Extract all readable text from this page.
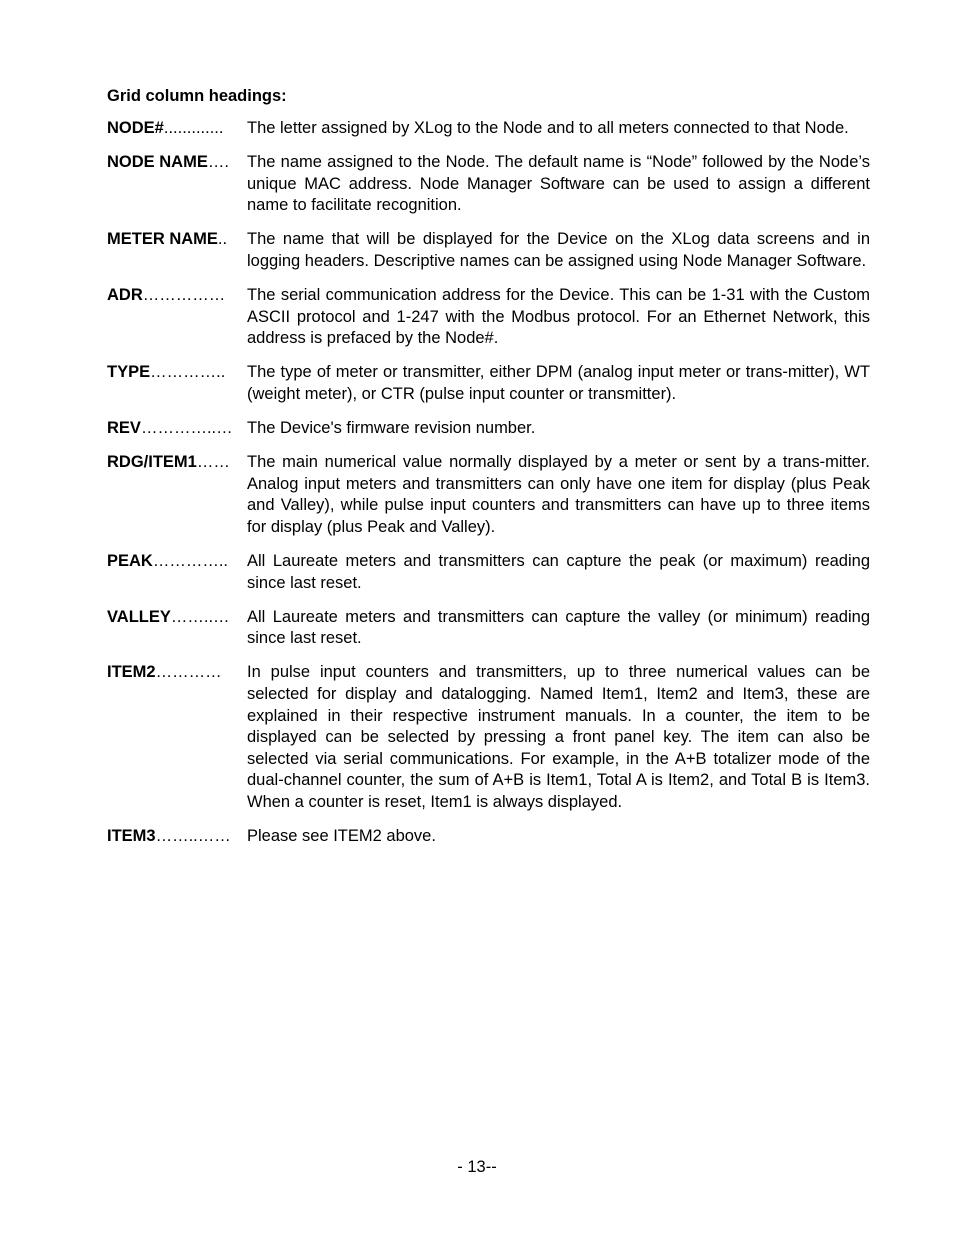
Grid column headings:
NODE#.............	The letter assigned by XLog to the Node and to all meters connected to that Node.
NODE NAME….	The name assigned to the Node. The default name is “Node” followed by the Node’s unique MAC address. Node Manager Software can be used to assign a different name to facilitate recognition.
METER NAME..	The name that will be displayed for the Device on the XLog data screens and in logging headers. Descriptive names can be assigned using Node Manager Software.
ADR……………	The serial communication address for the Device. This can be 1-31 with the Custom ASCII protocol and 1-247 with the Modbus protocol. For an Ethernet Network, this address is prefaced by the Node#.
TYPE…………..	The type of meter or transmitter, either DPM (analog input meter or trans-mitter), WT (weight meter), or CTR (pulse input counter or transmitter).
REV…………..… The Device's firmware revision number.
RDG/ITEM1……	The main numerical value normally displayed by a meter or sent by a trans-mitter. Analog input meters and transmitters can only have one item for display (plus Peak and Valley), while pulse input counters and transmitters can have up to three items for display (plus Peak and Valley).
PEAK…………..	All Laureate meters and transmitters can capture the peak (or maximum) reading since last reset.
VALLEY……..…	All Laureate meters and transmitters can capture the valley (or minimum) reading since last reset.
ITEM2…………	In pulse input counters and transmitters, up to three numerical values can be selected for display and datalogging. Named Item1, Item2 and Item3, these are explained in their respective instrument manuals. In a counter, the item to be displayed can be selected by pressing a front panel key. The item can also be selected via serial communications. For example, in the A+B totalizer mode of the dual-channel counter, the sum of A+B is Item1, Total A is Item2, and Total B is Item3. When a counter is reset, Item1 is always displayed.
ITEM3……..…… Please see ITEM2 above.
- 13--
